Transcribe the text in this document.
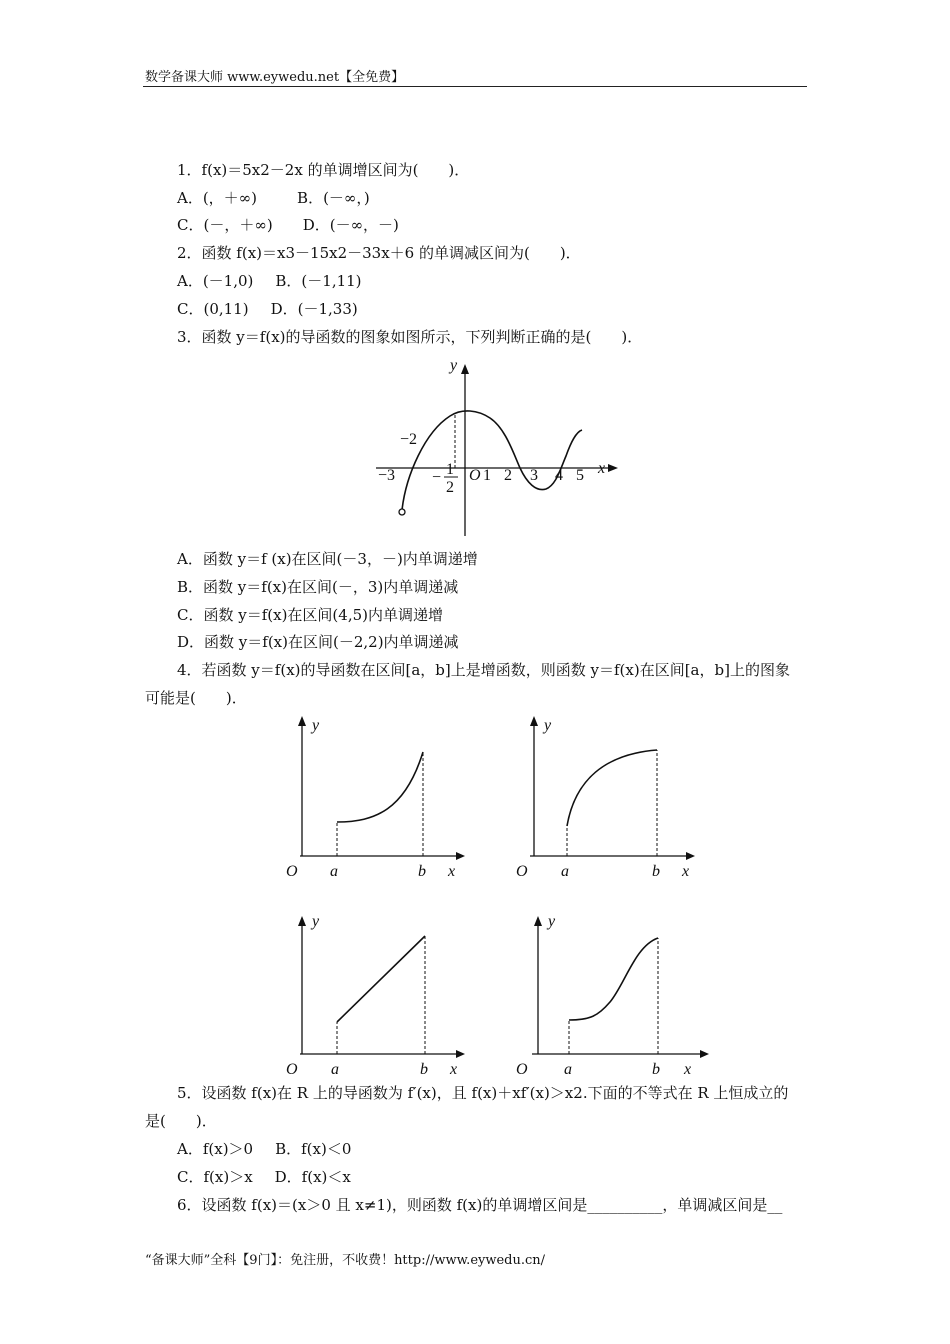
数学备课大师 www.eywedu.net【全免费】
1．f(x)＝5x2－2x 的单调增区间为(　　)．
A．(，＋∞)	B．(－∞，)
C．(－，＋∞) D．(－∞，－)
2．函数 f(x)＝x3－15x2－33x＋6 的单调减区间为(　　)．
A．(－1,0) B．(－1,11)
C．(0,11) D．(－1,33)
3．函数 y＝f(x)的导函数的图象如图所示，下列判断正确的是(　　)．
y
x
O
−3
−2
1 2 3 4 5
− 1
2
A．函数 y＝f (x)在区间(－3，－)内单调递增
B．函数 y＝f(x)在区间(－，3)内单调递减
C．函数 y＝f(x)在区间(4,5)内单调递增
D．函数 y＝f(x)在区间(－2,2)内单调递减
4．若函数 y＝f(x)的导函数在区间[a，b]上是增函数，则函数 y＝f(x)在区间[a，b]上的图象
可能是(　　)．
y
O a	b x
y
O a	b x
y
O a	b x
y
O a	b x
5．设函数 f(x)在 R 上的导函数为 f′(x)，且 f(x)＋xf′(x)＞x2.下面的不等式在 R 上恒成立的
是(　　)．
A．f(x)＞0 B．f(x)＜0
C．f(x)＞x D．f(x)＜x
6．设函数 f(x)＝(x＞0 且 x≠1)，则函数 f(x)的单调增区间是__________，单调减区间是__
“备课大师”全科【9门】：免注册，不收费！http://www.eywedu.cn/
